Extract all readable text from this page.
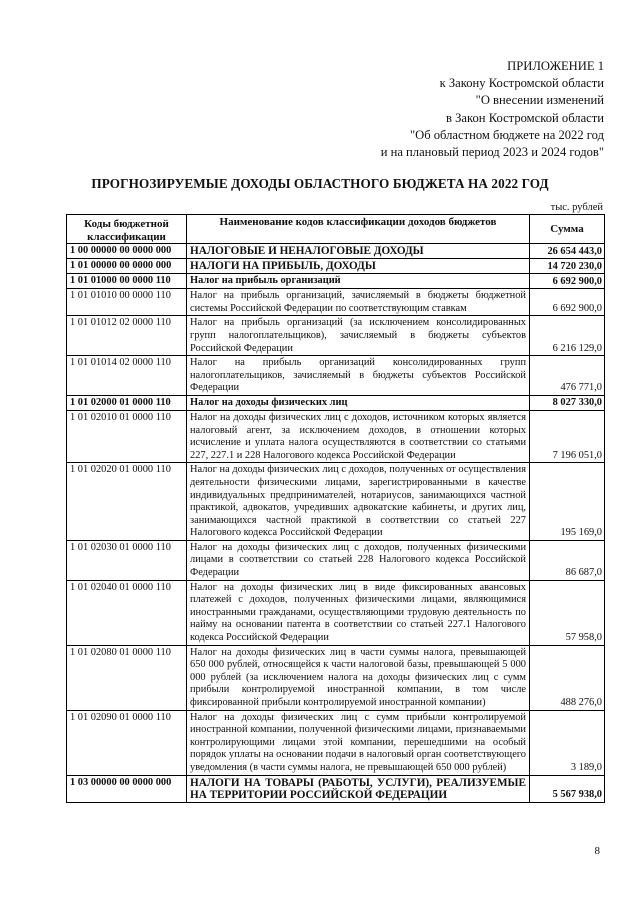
ПРИЛОЖЕНИЕ 1
к Закону Костромской области
"О внесении изменений
в Закон Костромской области
"Об областном бюджете на 2022 год
и на плановый период 2023 и 2024 годов"
ПРОГНОЗИРУЕМЫЕ ДОХОДЫ ОБЛАСТНОГО БЮДЖЕТА НА 2022 ГОД
тыс. рублей
Коды бюджетной классификации	Наименование кодов классификации доходов бюджетов	Сумма
1 00 00000 00 0000 000	НАЛОГОВЫЕ И НЕНАЛОГОВЫЕ ДОХОДЫ	26 654 443,0
1 01 00000 00 0000 000	НАЛОГИ НА ПРИБЫЛЬ, ДОХОДЫ	14 720 230,0
1 01 01000 00 0000 110	Налог на прибыль организаций	6 692 900,0
1 01 01010 00 0000 110	Налог на прибыль организаций, зачисляемый в бюджеты бюджетной системы Российской Федерации по соответствующим ставкам	6 692 900,0
1 01 01012 02 0000 110	Налог на прибыль организаций (за исключением консолидированных групп налогоплательщиков), зачисляемый в бюджеты субъектов Российской Федерации	6 216 129,0
1 01 01014 02 0000 110	Налог на прибыль организаций консолидированных групп налогоплательщиков, зачисляемый в бюджеты субъектов Российской Федерации	476 771,0
1 01 02000 01 0000 110	Налог на доходы физических лиц	8 027 330,0
1 01 02010 01 0000 110	Налог на доходы физических лиц с доходов, источником которых является налоговый агент, за исключением доходов, в отношении которых исчисление и уплата налога осуществляются в соответствии со статьями 227, 227.1 и 228 Налогового кодекса Российской Федерации	7 196 051,0
1 01 02020 01 0000 110	Налог на доходы физических лиц с доходов, полученных от осуществления деятельности физическими лицами, зарегистрированными в качестве индивидуальных предпринимателей, нотариусов, занимающихся частной практикой, адвокатов, учредивших адвокатские кабинеты, и других лиц, занимающихся частной практикой в соответствии со статьей 227 Налогового кодекса Российской Федерации	195 169,0
1 01 02030 01 0000 110	Налог на доходы физических лиц с доходов, полученных физическими лицами в соответствии со статьей 228 Налогового кодекса Российской Федерации	86 687,0
1 01 02040 01 0000 110	Налог на доходы физических лиц в виде фиксированных авансовых платежей с доходов, полученных физическими лицами, являющимися иностранными гражданами, осуществляющими трудовую деятельность по найму на основании патента в соответствии со статьей 227.1 Налогового кодекса Российской Федерации	57 958,0
1 01 02080 01 0000 110	Налог на доходы физических лиц в части суммы налога, превышающей 650 000 рублей, относящейся к части налоговой базы, превышающей 5 000 000 рублей (за исключением налога на доходы физических лиц с сумм прибыли контролируемой иностранной компании, в том числе фиксированной прибыли контролируемой иностранной компании)	488 276,0
1 01 02090 01 0000 110	Налог на доходы физических лиц с сумм прибыли контролируемой иностранной компании, полученной физическими лицами, признаваемыми контролирующими лицами этой компании, перешедшими на особый порядок уплаты на основании подачи в налоговый орган соответствующего уведомления (в части суммы налога, не превышающей 650 000 рублей)	3 189,0
1 03 00000 00 0000 000	НАЛОГИ НА ТОВАРЫ (РАБОТЫ, УСЛУГИ), РЕАЛИЗУЕМЫЕ НА ТЕРРИТОРИИ РОССИЙСКОЙ ФЕДЕРАЦИИ	5 567 938,0
8
